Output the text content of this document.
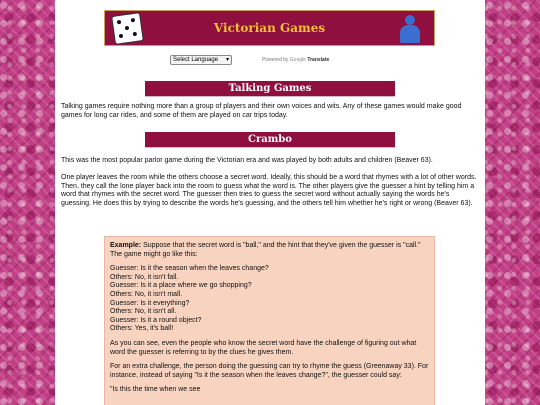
Victorian Games
Select Language ▾	Powered by Google Translate
Talking Games

Talking games require nothing more than a group of players and their own voices and wits. Any of these games would make good games for long car rides, and some of them are played on car trips today.

Crambo

This was the most popular parlor game during the Victorian era and was played by both adults and children (Beaver 63).

One player leaves the room while the others choose a secret word. Ideally, this should be a word that rhymes with a lot of other words. Then, they call the lone player back into the room to guess what the word is. The other players give the guesser a hint by telling him a word that rhymes with the secret word. The guesser then tries to guess the secret word without actually saying the words he's guessing. He does this by trying to describe the words he's guessing, and the others tell him whether he's right or wrong (Beaver 63).

Example: Suppose that the secret word is "ball," and the hint that they've given the guesser is "call." The game might go like this:

Guesser: Is it the season when the leaves change?
Others: No, it isn't fall.
Guesser: Is it a place where we go shopping?
Others: No, it isn't mall.
Guesser: Is it everything?
Others: No, it isn't all.
Guesser: Is it a round object?
Others: Yes, it's ball!

As you can see, even the people who know the secret word have the challenge of figuring out what word the guesser is referring to by the clues he gives them.

For an extra challenge, the person doing the guessing can try to rhyme the guess (Greenaway 33). For instance, instead of saying "Is it the season when the leaves change?", the guesser could say:

"Is this the time when we see
